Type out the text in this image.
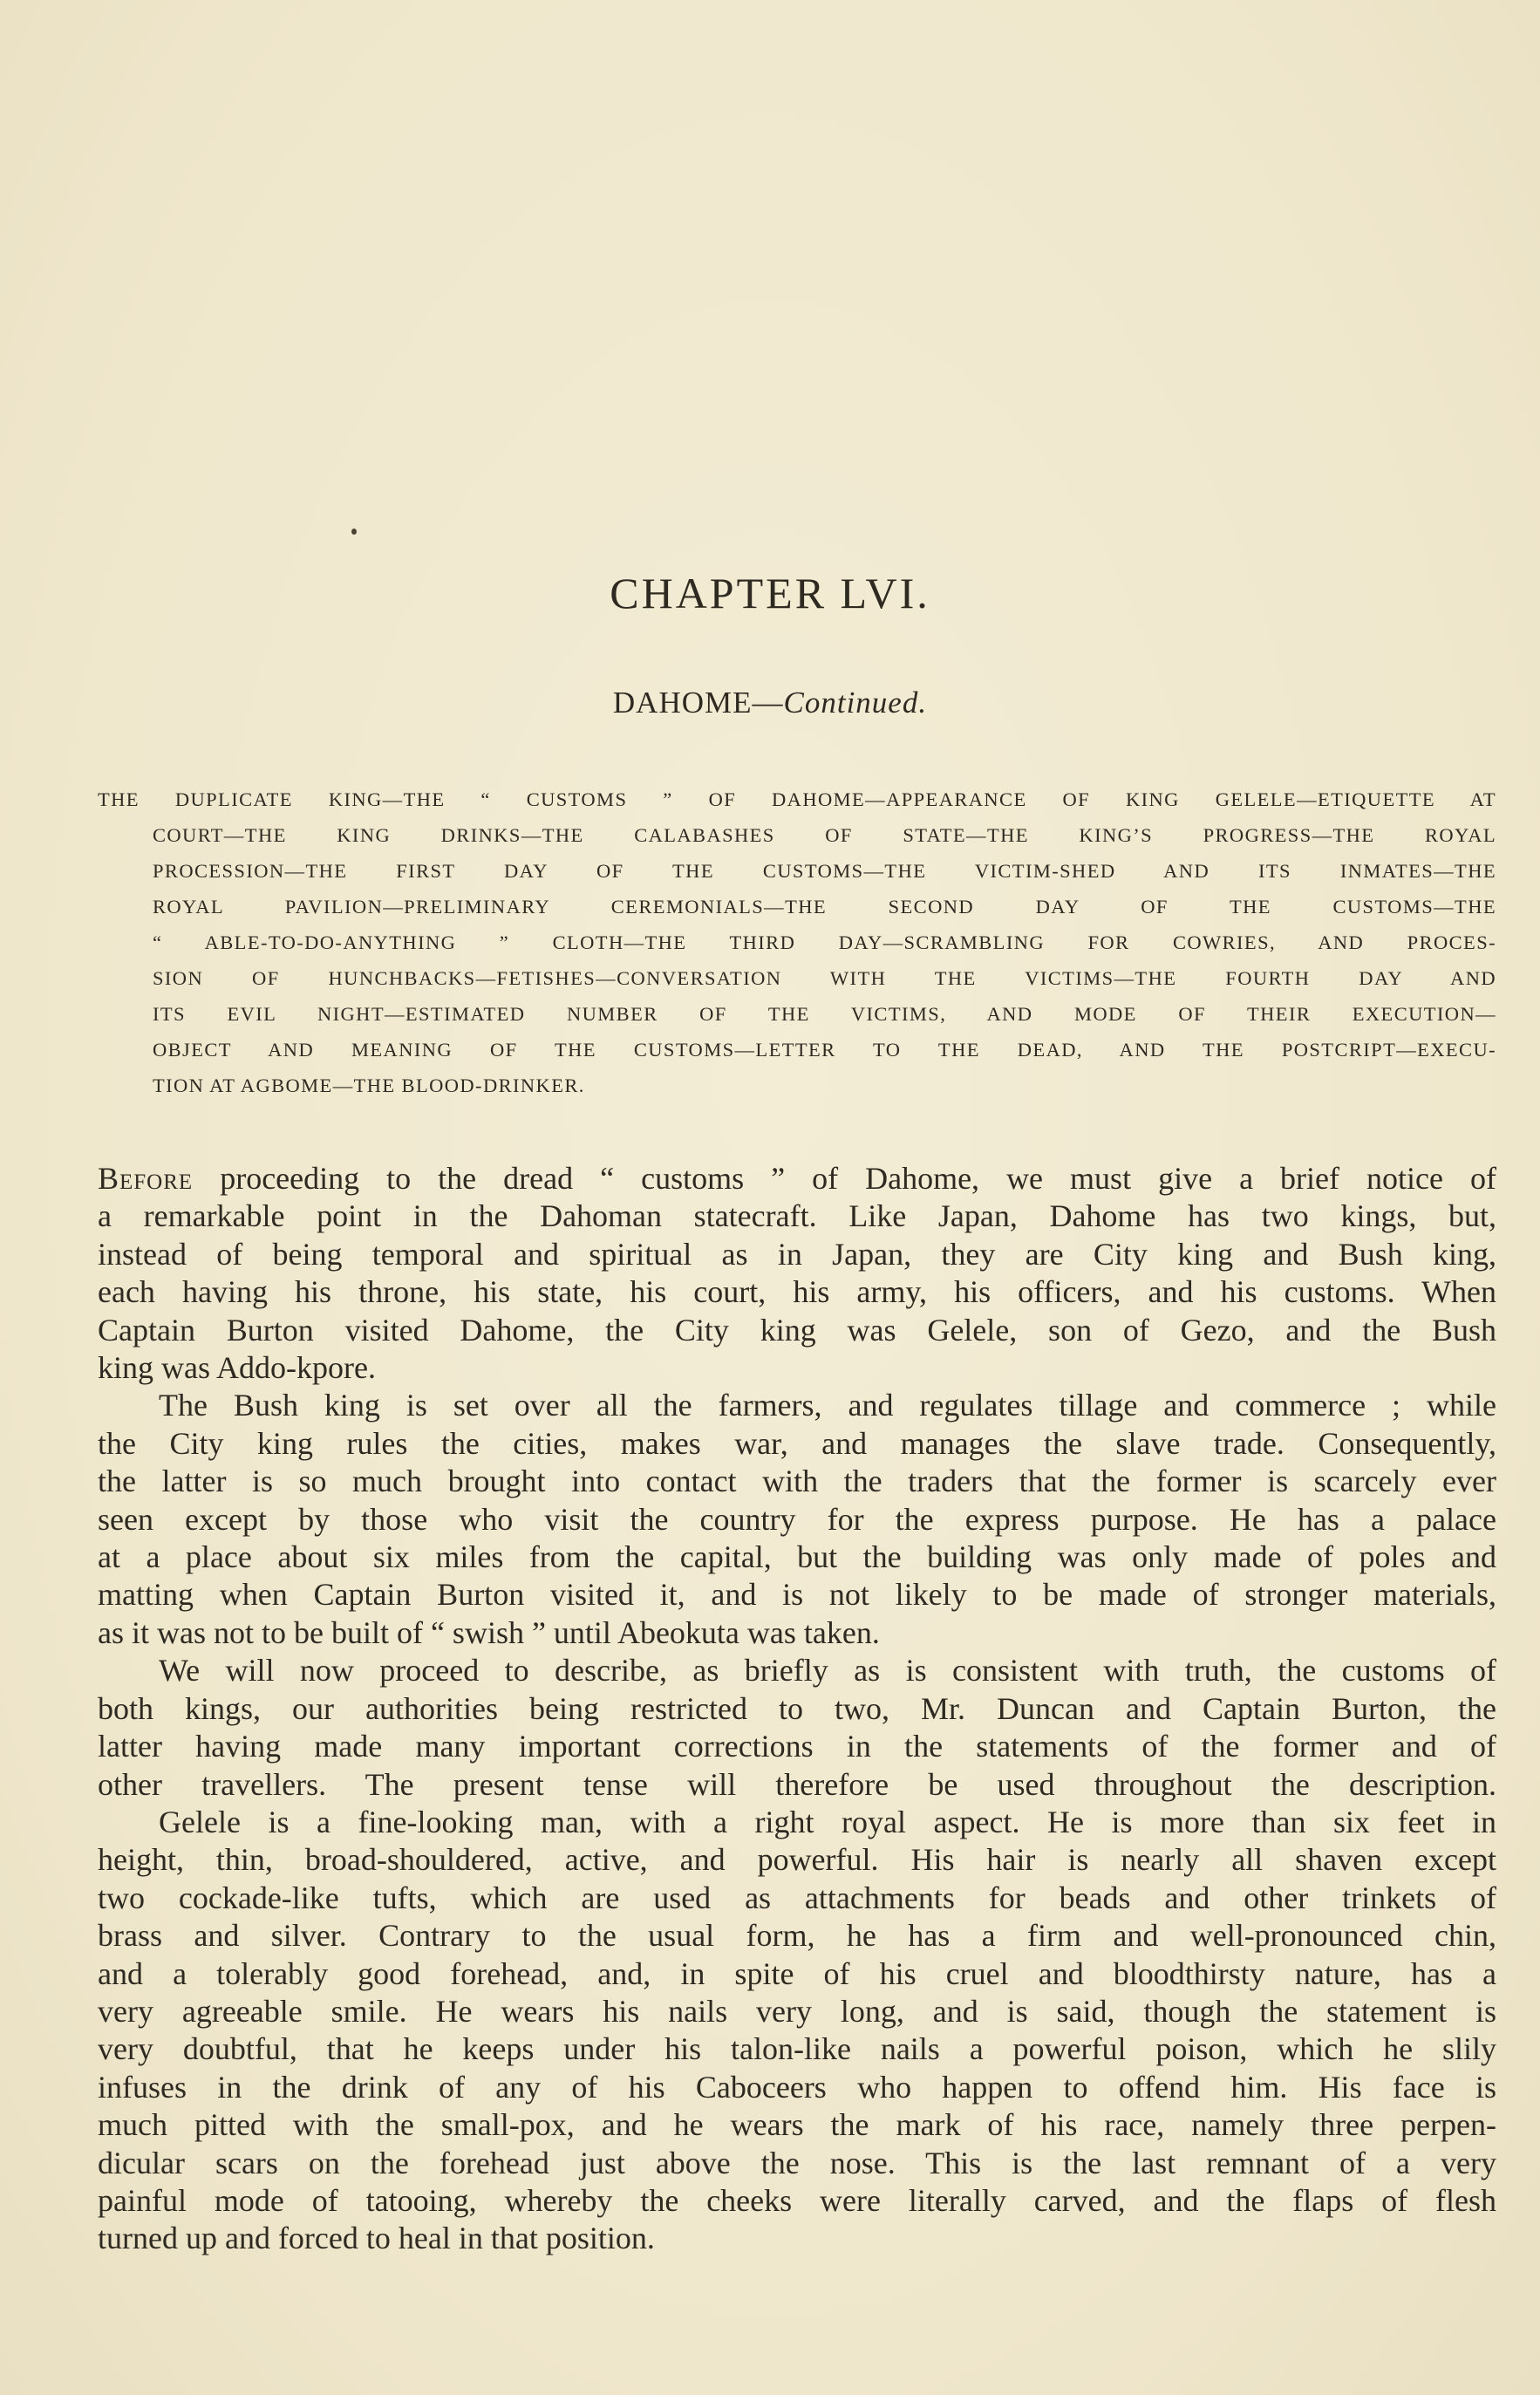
CHAPTER LVI.
DAHOME—Continued.
THE DUPLICATE KING—THE “ CUSTOMS ” OF DAHOME—APPEARANCE OF KING GELELE—ETIQUETTE AT
COURT—THE KING DRINKS—THE CALABASHES OF STATE—THE KING’S PROGRESS—THE ROYAL
PROCESSION—THE FIRST DAY OF THE CUSTOMS—THE VICTIM-SHED AND ITS INMATES—THE
ROYAL PAVILION—PRELIMINARY CEREMONIALS—THE SECOND DAY OF THE CUSTOMS—THE
“ ABLE-TO-DO-ANYTHING ” CLOTH—THE THIRD DAY—SCRAMBLING FOR COWRIES, AND PROCES-
SION OF HUNCHBACKS—FETISHES—CONVERSATION WITH THE VICTIMS—THE FOURTH DAY AND
ITS EVIL NIGHT—ESTIMATED NUMBER OF THE VICTIMS, AND MODE OF THEIR EXECUTION—
OBJECT AND MEANING OF THE CUSTOMS—LETTER TO THE DEAD, AND THE POSTCRIPT—EXECU-
TION AT AGBOME—THE BLOOD-DRINKER.
Before proceeding to the dread “ customs ” of Dahome, we must give a brief notice of
a remarkable point in the Dahoman statecraft. Like Japan, Dahome has two kings, but,
instead of being temporal and spiritual as in Japan, they are City king and Bush king,
each having his throne, his state, his court, his army, his officers, and his customs. When
Captain Burton visited Dahome, the City king was Gelele, son of Gezo, and the Bush
king was Addo-kpore.
The Bush king is set over all the farmers, and regulates tillage and commerce ; while
the City king rules the cities, makes war, and manages the slave trade. Consequently,
the latter is so much brought into contact with the traders that the former is scarcely ever
seen except by those who visit the country for the express purpose. He has a palace
at a place about six miles from the capital, but the building was only made of poles and
matting when Captain Burton visited it, and is not likely to be made of stronger materials,
as it was not to be built of “ swish ” until Abeokuta was taken.
We will now proceed to describe, as briefly as is consistent with truth, the customs of
both kings, our authorities being restricted to two, Mr. Duncan and Captain Burton, the
latter having made many important corrections in the statements of the former and of
other travellers. The present tense will therefore be used throughout the description.
Gelele is a fine-looking man, with a right royal aspect. He is more than six feet in
height, thin, broad-shouldered, active, and powerful. His hair is nearly all shaven except
two cockade-like tufts, which are used as attachments for beads and other trinkets of
brass and silver. Contrary to the usual form, he has a firm and well-pronounced chin,
and a tolerably good forehead, and, in spite of his cruel and bloodthirsty nature, has a
very agreeable smile. He wears his nails very long, and is said, though the statement is
very doubtful, that he keeps under his talon-like nails a powerful poison, which he slily
infuses in the drink of any of his Caboceers who happen to offend him. His face is
much pitted with the small-pox, and he wears the mark of his race, namely three perpen-
dicular scars on the forehead just above the nose. This is the last remnant of a very
painful mode of tatooing, whereby the cheeks were literally carved, and the flaps of flesh
turned up and forced to heal in that position.
